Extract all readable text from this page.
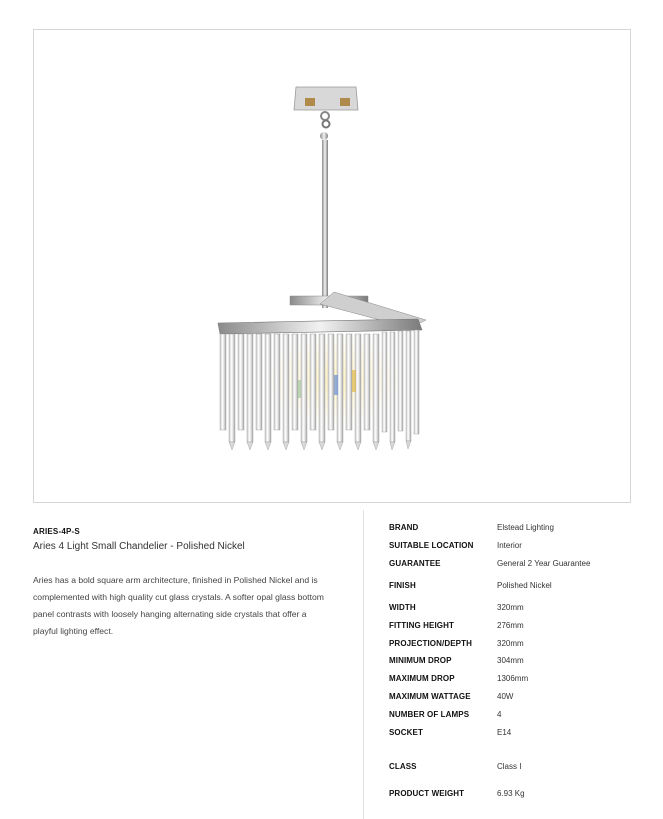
ARIES-4P-S
Aries 4 Light Small Chandelier - Polished Nickel
Aries has a bold square arm architecture, finished in Polished Nickel and is complemented with high quality cut glass crystals. A softer opal glass bottom panel contrasts with loosely hanging alternating side crystals that offer a playful lighting effect.
BRAND	Elstead Lighting
SUITABLE LOCATION	Interior
GUARANTEE	General 2 Year Guarantee
FINISH	Polished Nickel
WIDTH	320mm
FITTING HEIGHT	276mm
PROJECTION/DEPTH	320mm
MINIMUM DROP	304mm
MAXIMUM DROP	1306mm
MAXIMUM WATTAGE	40W
NUMBER OF LAMPS	4
SOCKET	E14
CLASS	Class I
PRODUCT WEIGHT	6.93 Kg
